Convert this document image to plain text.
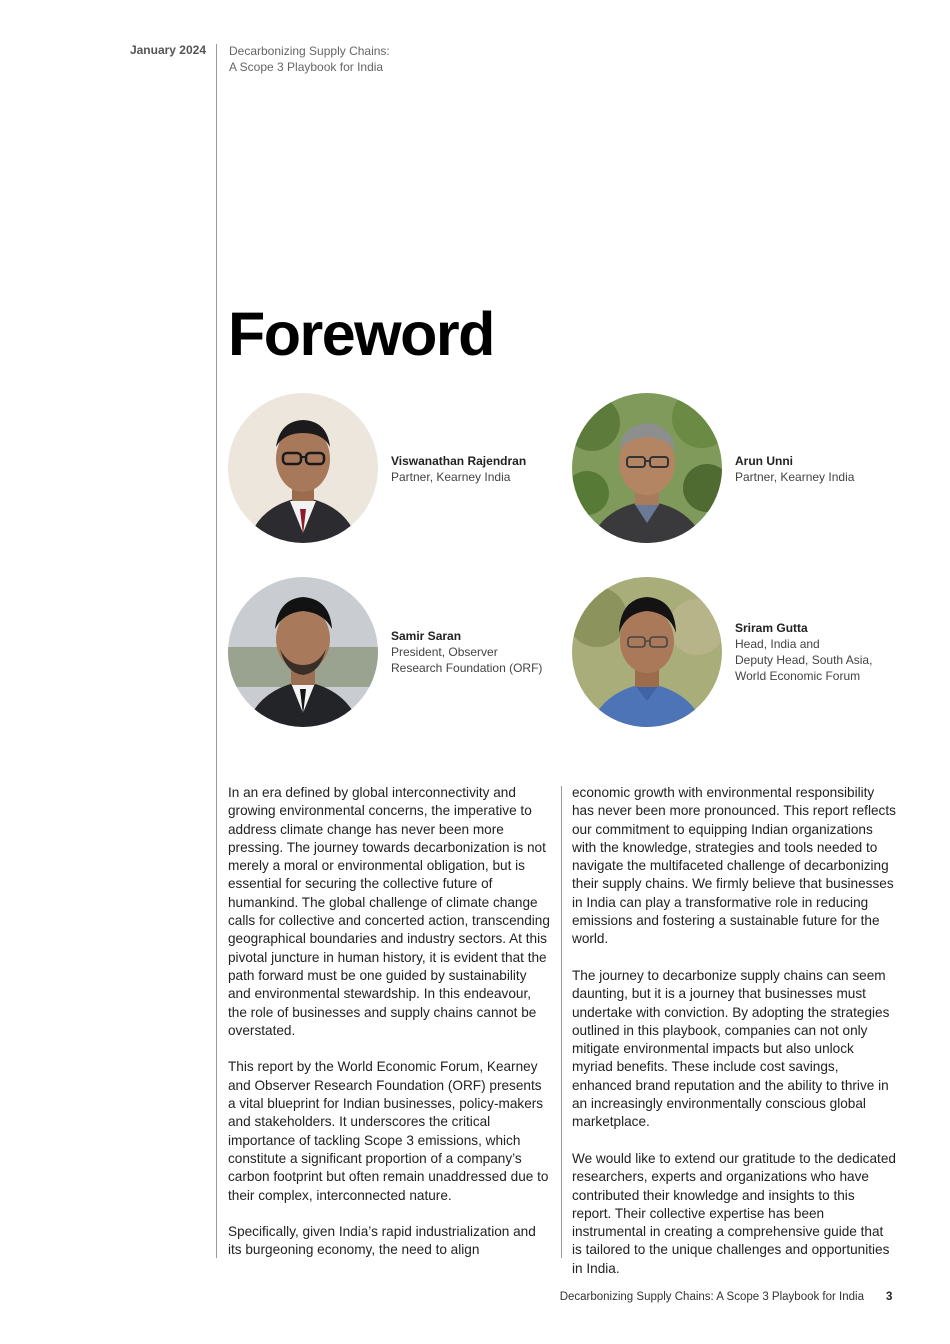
January 2024 Decarbonizing Supply Chains:
A Scope 3 Playbook for India
Foreword
Viswanathan Rajendran
Partner, Kearney India
Arun Unni
Partner, Kearney India
Samir Saran
President, Observer
Research Foundation (ORF)
Sriram Gutta
Head, India and
Deputy Head, South Asia,
World Economic Forum

In an era defined by global interconnectivity and growing environmental concerns, the imperative to address climate change has never been more pressing. The journey towards decarbonization is not merely a moral or environmental obligation, but is essential for securing the collective future of humankind. The global challenge of climate change calls for collective and concerted action, transcending geographical boundaries and industry sectors. At this pivotal juncture in human history, it is evident that the path forward must be one guided by sustainability and environmental stewardship. In this endeavour, the role of businesses and supply chains cannot be overstated.

This report by the World Economic Forum, Kearney and Observer Research Foundation (ORF) presents a vital blueprint for Indian businesses, policy-makers and stakeholders. It underscores the critical importance of tackling Scope 3 emissions, which constitute a significant proportion of a company’s carbon footprint but often remain unaddressed due to their complex, interconnected nature.

Specifically, given India’s rapid industrialization and its burgeoning economy, the need to align

economic growth with environmental responsibility has never been more pronounced. This report reflects our commitment to equipping Indian organizations with the knowledge, strategies and tools needed to navigate the multifaceted challenge of decarbonizing their supply chains. We firmly believe that businesses in India can play a transformative role in reducing emissions and fostering a sustainable future for the world.

The journey to decarbonize supply chains can seem daunting, but it is a journey that businesses must undertake with conviction. By adopting the strategies outlined in this playbook, companies can not only mitigate environmental impacts but also unlock myriad benefits. These include cost savings, enhanced brand reputation and the ability to thrive in an increasingly environmentally conscious global marketplace.

We would like to extend our gratitude to the dedicated researchers, experts and organizations who have contributed their knowledge and insights to this report. Their collective expertise has been instrumental in creating a comprehensive guide that is tailored to the unique challenges and opportunities in India.

Decarbonizing Supply Chains: A Scope 3 Playbook for India 3
